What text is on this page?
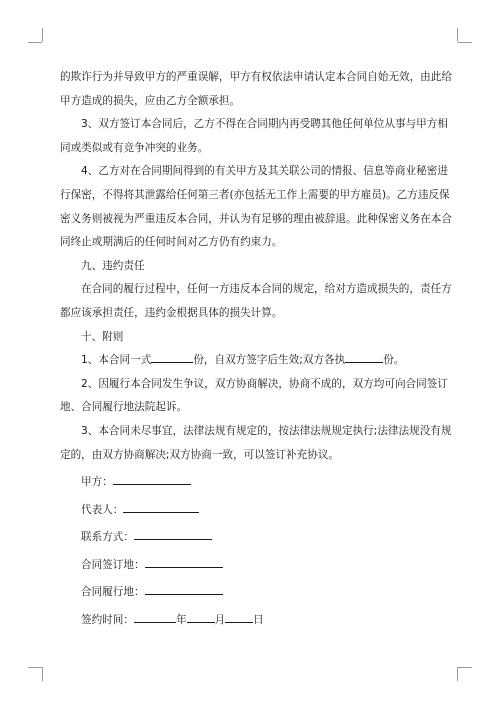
的欺诈行为并导致甲方的严重误解，甲方有权依法申请认定本合同自始无效，由此给
甲方造成的损失，应由乙方全额承担。
3、双方签订本合同后，乙方不得在合同期内再受聘其他任何单位从事与甲方相
同或类似或有竞争冲突的业务。
4、乙方对在合同期间得到的有关甲方及其关联公司的情报、信息等商业秘密进
行保密，不得将其泄露给任何第三者(亦包括无工作上需要的甲方雇员)。乙方违反保
密义务则被视为严重违反本合同，并认为有足够的理由被辞退。此种保密义务在本合
同终止或期满后的任何时间对乙方仍有约束力。
九、违约责任
在合同的履行过程中，任何一方违反本合同的规定，给对方造成损失的，责任方
都应该承担责任，违约金根据具体的损失计算。
十、附则
1、本合同一式	份，自双方签字后生效;双方各执	份。
2、因履行本合同发生争议，双方协商解决，协商不成的，双方均可向合同签订
地、合同履行地法院起诉。
3、本合同未尽事宜，法律法规有规定的，按法律法规规定执行;法律法规没有规
定的，由双方协商解决;双方协商一致，可以签订补充协议。
甲方：
代表人：
联系方式：
合同签订地：
合同履行地：
签约时间：	年	月	日
